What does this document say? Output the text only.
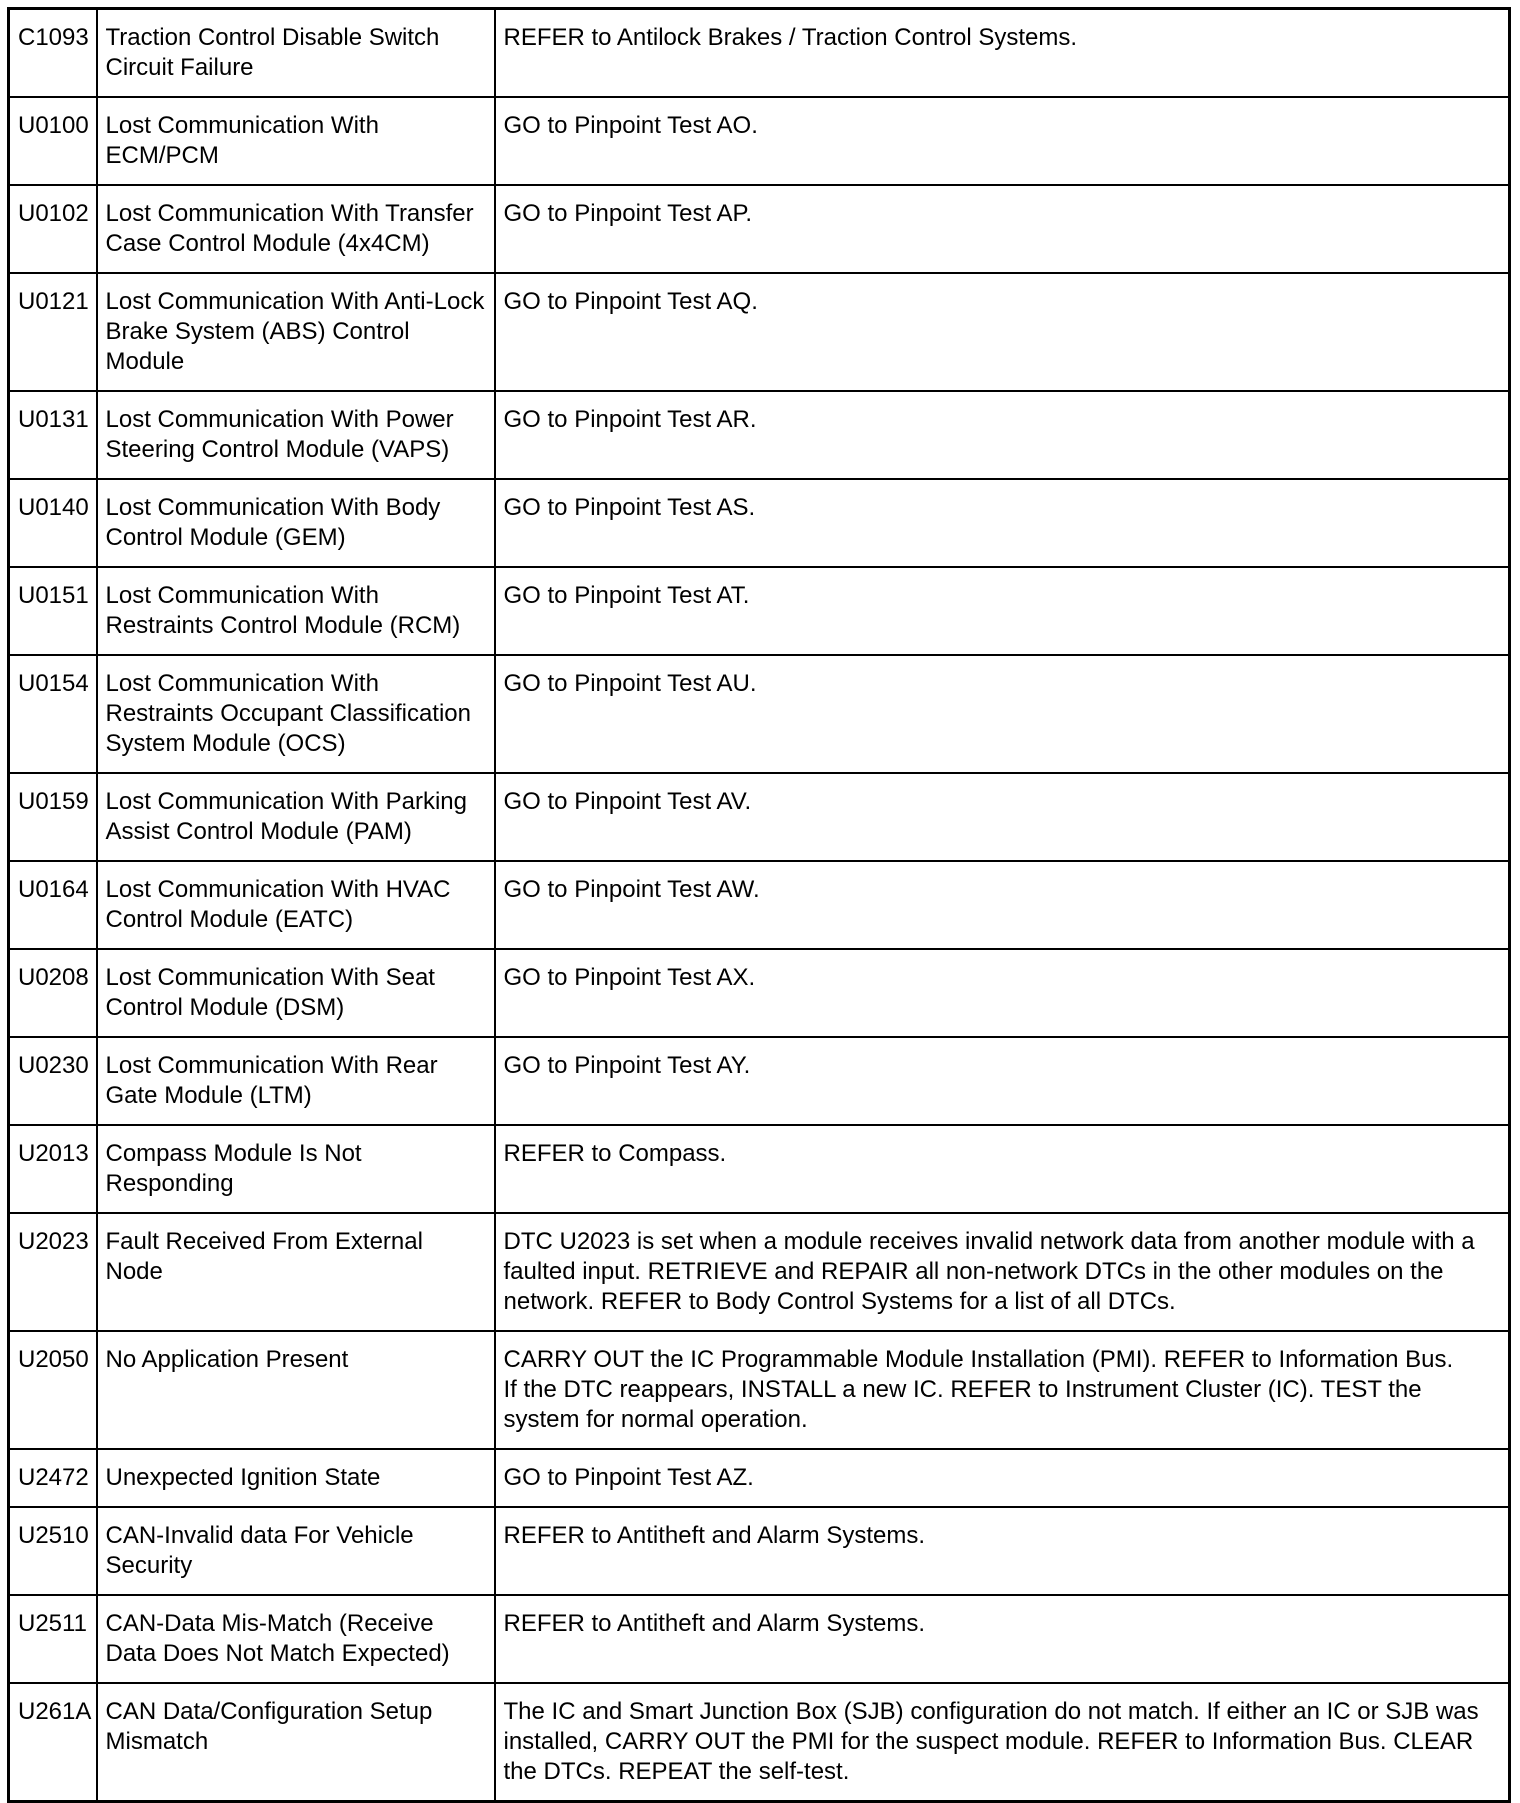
C1093	Traction Control Disable Switch Circuit Failure	REFER to Antilock Brakes / Traction Control Systems.

U0100	Lost Communication With ECM/PCM	GO to Pinpoint Test AO.

U0102	Lost Communication With Transfer Case Control Module (4x4CM)	GO to Pinpoint Test AP.

U0121	Lost Communication With Anti-Lock Brake System (ABS) Control Module	GO to Pinpoint Test AQ.

U0131	Lost Communication With Power Steering Control Module (VAPS)	GO to Pinpoint Test AR.

U0140	Lost Communication With Body Control Module (GEM)	GO to Pinpoint Test AS.

U0151	Lost Communication With Restraints Control Module (RCM)	GO to Pinpoint Test AT.

U0154	Lost Communication With Restraints Occupant Classification System Module (OCS)	GO to Pinpoint Test AU.

U0159	Lost Communication With Parking Assist Control Module (PAM)	GO to Pinpoint Test AV.

U0164	Lost Communication With HVAC Control Module (EATC)	GO to Pinpoint Test AW.

U0208	Lost Communication With Seat Control Module (DSM)	GO to Pinpoint Test AX.

U0230	Lost Communication With Rear Gate Module (LTM)	GO to Pinpoint Test AY.

U2013	Compass Module Is Not Responding	REFER to Compass.

U2023	Fault Received From External Node	DTC U2023 is set when a module receives invalid network data from another module with a faulted input. RETRIEVE and REPAIR all non-network DTCs in the other modules on the network. REFER to Body Control Systems for a list of all DTCs.

U2050	No Application Present	CARRY OUT the IC Programmable Module Installation (PMI). REFER to Information Bus.
If the DTC reappears, INSTALL a new IC. REFER to Instrument Cluster (IC). TEST the system for normal operation.

U2472	Unexpected Ignition State	GO to Pinpoint Test AZ.

U2510	CAN-Invalid data For Vehicle Security	REFER to Antitheft and Alarm Systems.

U2511	CAN-Data Mis-Match (Receive Data Does Not Match Expected)	REFER to Antitheft and Alarm Systems.

U261A	CAN Data/Configuration Setup Mismatch	The IC and Smart Junction Box (SJB) configuration do not match. If either an IC or SJB was installed, CARRY OUT the PMI for the suspect module. REFER to Information Bus. CLEAR the DTCs. REPEAT the self-test.
